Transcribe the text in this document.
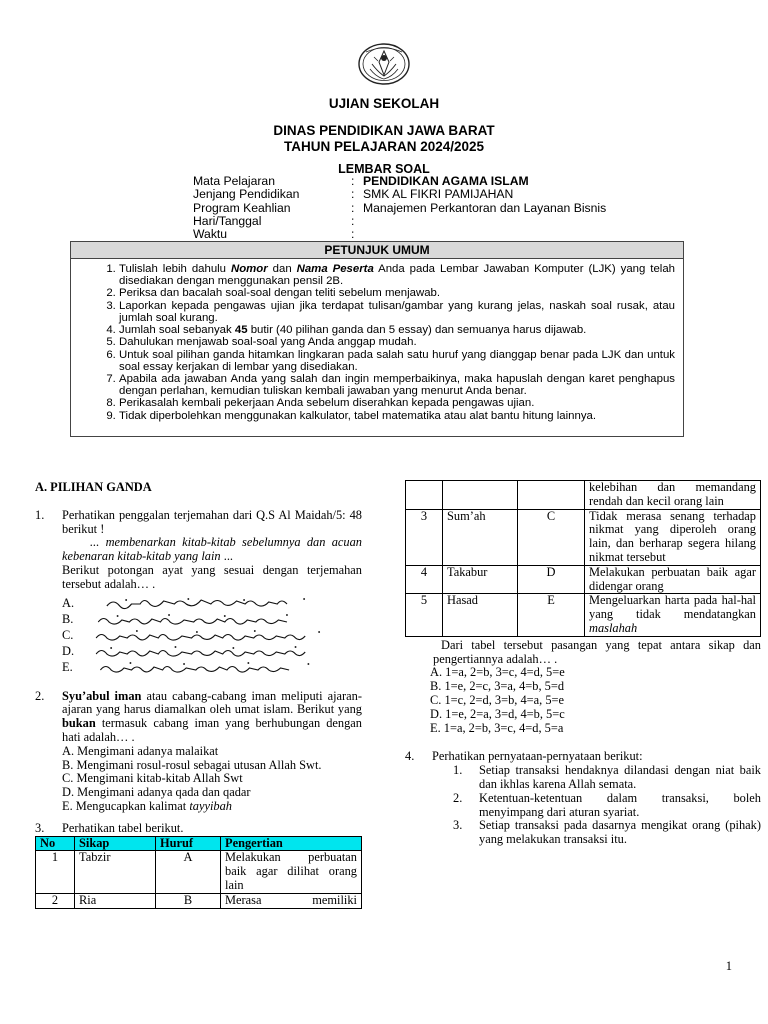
UJIAN SEKOLAH
DINAS PENDIDIKAN JAWA BARAT
TAHUN PELAJARAN 2024/2025
LEMBAR SOAL
Mata Pelajaran	: PENDIDIKAN AGAMA ISLAM
Jenjang Pendidikan	: SMK AL FIKRI PAMIJAHAN
Program Keahlian	: Manajemen Perkantoran dan Layanan Bisnis
Hari/Tanggal	:
Waktu	:
PETUNJUK UMUM
1. Tulislah lebih dahulu Nomor dan Nama Peserta Anda pada Lembar Jawaban Komputer (LJK) yang telah disediakan dengan menggunakan pensil 2B.
2. Periksa dan bacalah soal-soal dengan teliti sebelum menjawab.
3. Laporkan kepada pengawas ujian jika terdapat tulisan/gambar yang kurang jelas, naskah soal rusak, atau jumlah soal kurang.
4. Jumlah soal sebanyak 45 butir (40 pilihan ganda dan 5 essay) dan semuanya harus dijawab.
5. Dahulukan menjawab soal-soal yang Anda anggap mudah.
6. Untuk soal pilihan ganda hitamkan lingkaran pada salah satu huruf yang dianggap benar pada LJK dan untuk soal essay kerjakan di lembar yang disediakan.
7. Apabila ada jawaban Anda yang salah dan ingin memperbaikinya, maka hapuslah dengan karet penghapus dengan perlahan, kemudian tuliskan kembali jawaban yang menurut Anda benar.
8. Perikasalah kembali pekerjaan Anda sebelum diserahkan kepada pengawas ujian.
9. Tidak diperbolehkan menggunakan kalkulator, tabel matematika atau alat bantu hitung lainnya.
A. PILIHAN GANDA
1.	Perhatikan penggalan terjemahan dari Q.S Al Maidah/5: 48 berikut !
... membenarkan kitab-kitab sebelumnya dan acuan kebenaran kitab-kitab yang lain ...
Berikut potongan ayat yang sesuai dengan terjemahan tersebut adalah… .
A.
B.
C.
D.
E.
2.	Syu’abul iman atau cabang-cabang iman meliputi ajaran-ajaran yang harus diamalkan oleh umat islam. Berikut yang bukan termasuk cabang iman yang berhubungan dengan hati adalah… .
A. Mengimani adanya malaikat
B. Mengimani rosul-rosul sebagai utusan Allah Swt.
C. Mengimani kitab-kitab Allah Swt
D. Mengimani adanya qada dan qadar
E. Mengucapkan kalimat tayyibah
3.	Perhatikan tabel berikut.
No	Sikap	Huruf	Pengertian
1	Tabzir	A	Melakukan perbuatan baik agar dilihat orang lain
2	Ria	B	Merasa memiliki
			kelebihan dan memandang rendah dan kecil orang lain
3	Sum’ah	C	Tidak merasa senang terhadap nikmat yang diperoleh orang lain, dan berharap segera hilang nikmat tersebut
4	Takabur	D	Melakukan perbuatan baik agar didengar orang
5	Hasad	E	Mengeluarkan harta pada hal-hal yang tidak mendatangkan maslahah
Dari tabel tersebut pasangan yang tepat antara sikap dan pengertiannya adalah… .
A. 1=a, 2=b, 3=c, 4=d, 5=e
B. 1=e, 2=c, 3=a, 4=b, 5=d
C. 1=c, 2=d, 3=b, 4=a, 5=e
D. 1=e, 2=a, 3=d, 4=b, 5=c
E. 1=a, 2=b, 3=c, 4=d, 5=a
4.	Perhatikan pernyataan-pernyataan berikut:
1.	Setiap transaksi hendaknya dilandasi dengan niat baik dan ikhlas karena Allah semata.
2.	Ketentuan-ketentuan dalam transaksi, boleh menyimpang dari aturan syariat.
3.	Setiap transaksi pada dasarnya mengikat orang (pihak) yang melakukan transaksi itu.
1
